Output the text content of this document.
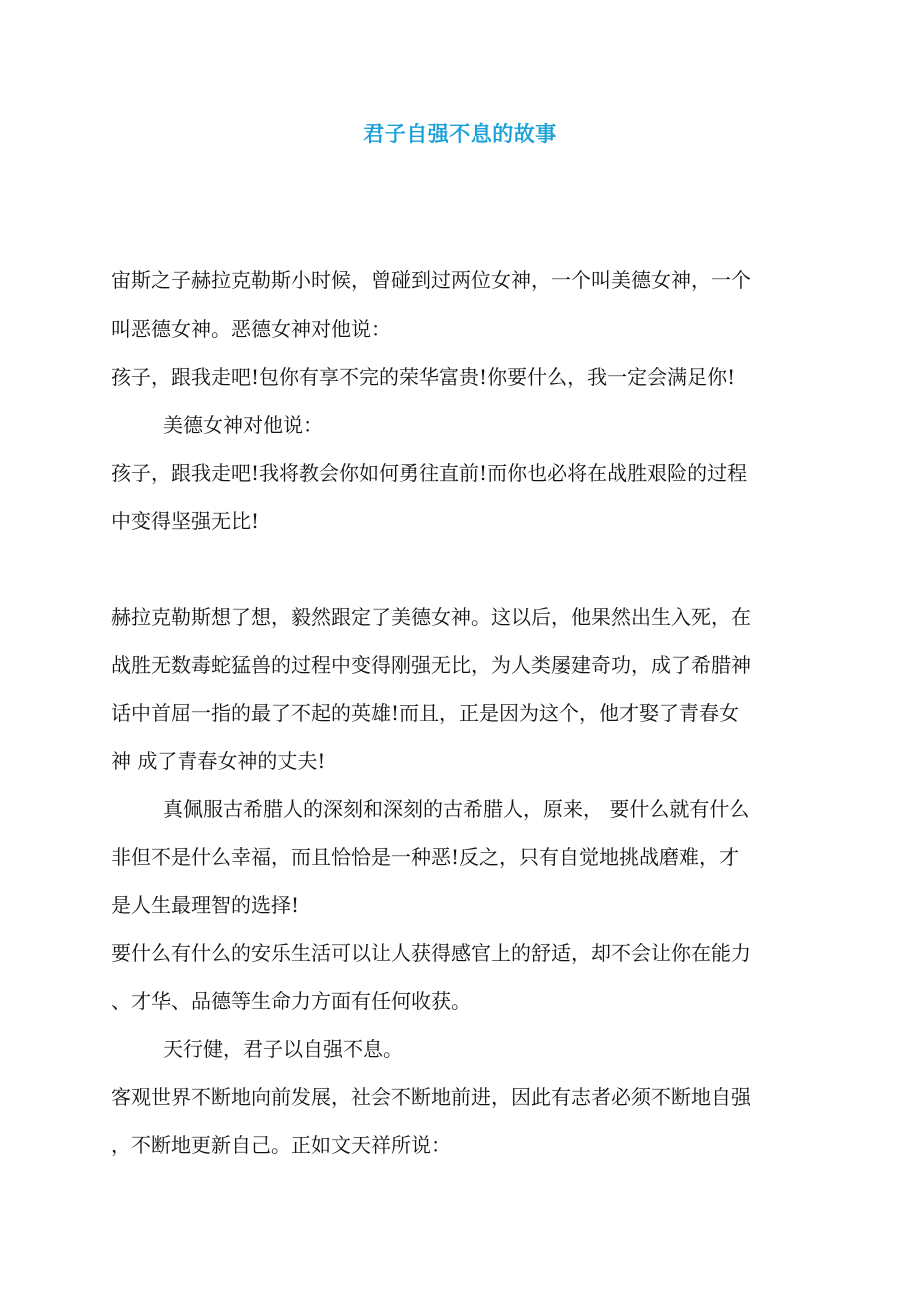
君子自强不息的故事
宙斯之子赫拉克勒斯小时候，曾碰到过两位女神，一个叫美德女神，一个
叫恶德女神。恶德女神对他说：
孩子，跟我走吧!包你有享不完的荣华富贵!你要什么，我一定会满足你!
美德女神对他说：
孩子，跟我走吧!我将教会你如何勇往直前!而你也必将在战胜艰险的过程
中变得坚强无比!
赫拉克勒斯想了想，毅然跟定了美德女神。这以后，他果然出生入死，在
战胜无数毒蛇猛兽的过程中变得刚强无比，为人类屡建奇功，成了希腊神
话中首屈一指的最了不起的英雄!而且，正是因为这个，他才娶了青春女
神 成了青春女神的丈夫!
真佩服古希腊人的深刻和深刻的古希腊人，原来， 要什么就有什么
非但不是什么幸福，而且恰恰是一种恶!反之，只有自觉地挑战磨难，才
是人生最理智的选择!
要什么有什么的安乐生活可以让人获得感官上的舒适，却不会让你在能力
、才华、品德等生命力方面有任何收获。
天行健，君子以自强不息。
客观世界不断地向前发展，社会不断地前进，因此有志者必须不断地自强
，不断地更新自己。正如文天祥所说：
